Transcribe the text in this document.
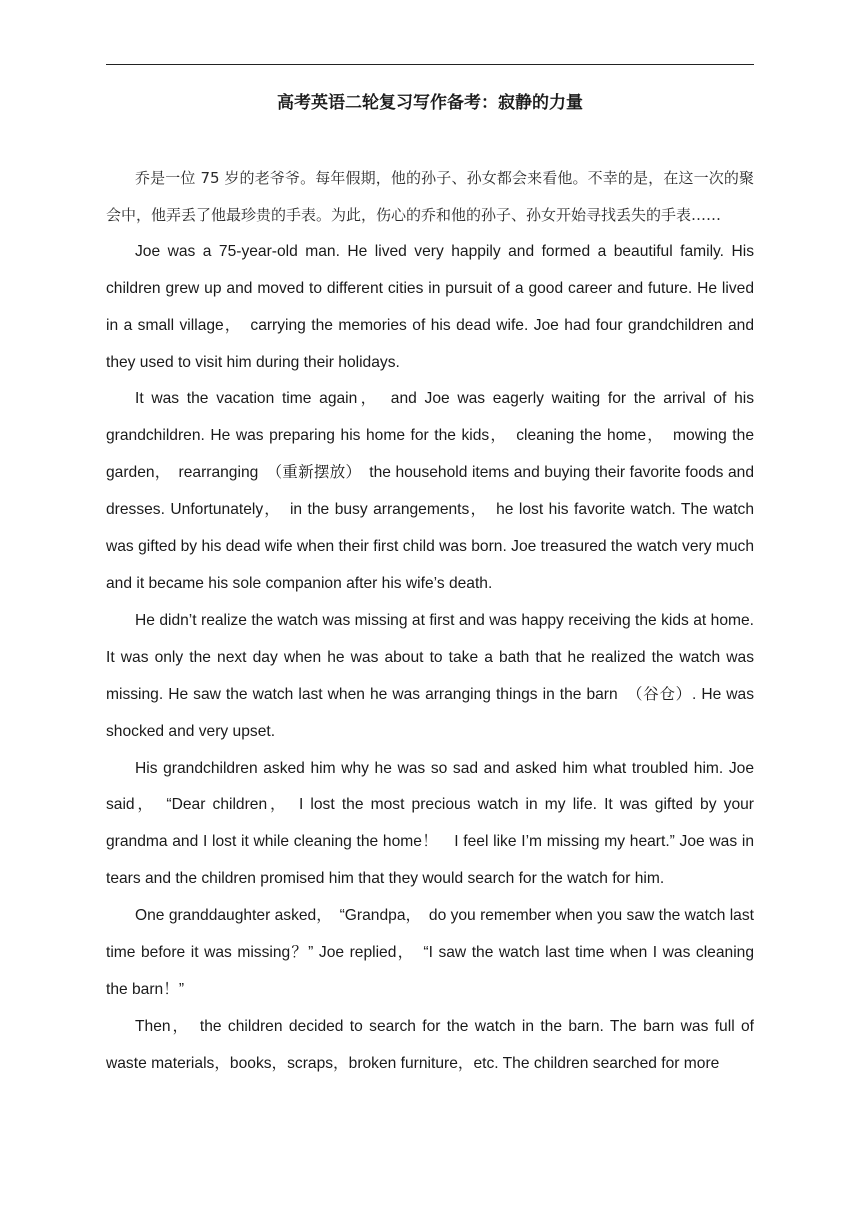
高考英语二轮复习写作备考：寂静的力量

乔是一位 75 岁的老爷爷。每年假期，他的孙子、孙女都会来看他。不幸的是，在这一次的聚会中，他弄丢了他最珍贵的手表。为此，伤心的乔和他的孙子、孙女开始寻找丢失的手表……

Joe was a 75-year-old man. He lived very happily and formed a beautiful family. His children grew up and moved to different cities in pursuit of a good career and future. He lived in a small village，　carrying the memories of his dead wife. Joe had four grandchildren and they used to visit him during their holidays.

It was the vacation time again，　and Joe was eagerly waiting for the arrival of his grandchildren. He was preparing his home for the kids，　cleaning the home，　mowing the garden，　rearranging　（重新摆放）　the household items and buying their favorite foods and dresses. Unfortunately，　in the busy arrangements，　he lost his favorite watch. The watch was gifted by his dead wife when their first child was born. Joe treasured the watch very much and it became his sole companion after his wife’s death.

He didn’t realize the watch was missing at first and was happy receiving the kids at home. It was only the next day when he was about to take a bath that he realized the watch was missing. He saw the watch last when he was arranging things in the barn　（谷仓）. He was shocked and very upset.

His grandchildren asked him why he was so sad and asked him what troubled him. Joe said，　“Dear children，　I lost the most precious watch in my life. It was gifted by your grandma and I lost it while cleaning the home！　I feel like I’m missing my heart.” Joe was in tears and the children promised him that they would search for the watch for him.

One granddaughter asked，　“Grandpa，　do you remember when you saw the watch last time before it was missing？” Joe replied，　“I saw the watch last time when I was cleaning the barn！”

Then，　the children decided to search for the watch in the barn. The barn was full of waste materials，books，scraps，broken furniture，etc. The children searched for more
